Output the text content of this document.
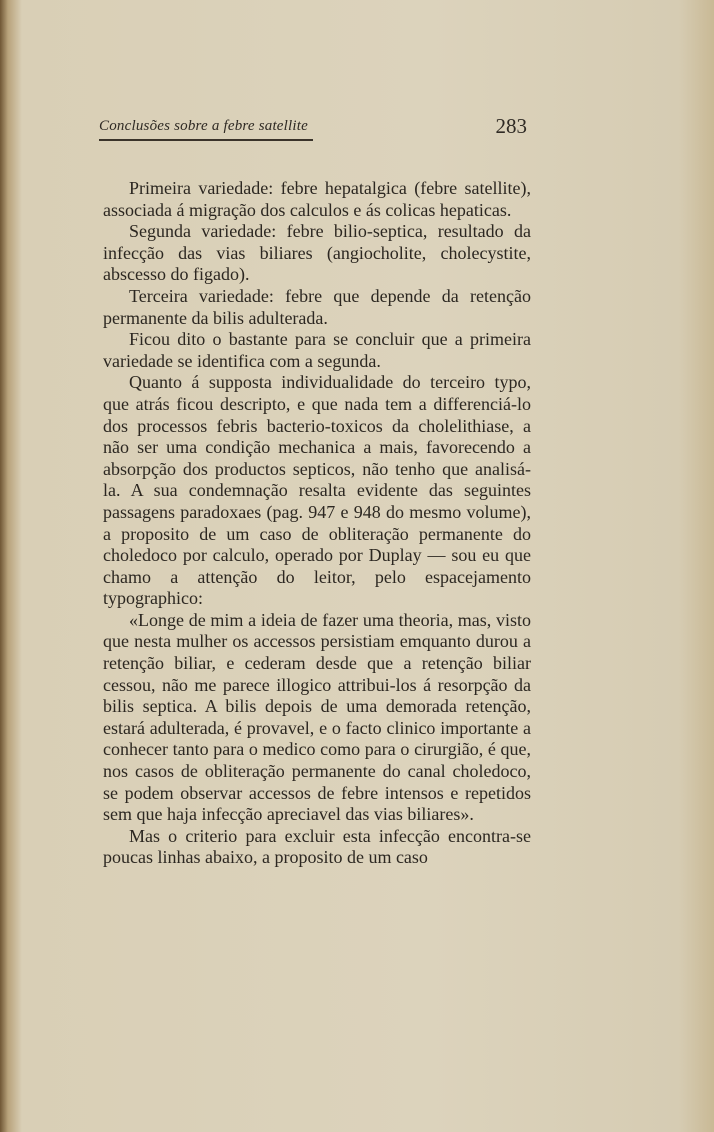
Conclusões sobre a febre satellite	283

Primeira variedade: febre hepatalgica (febre satellite), associada á migração dos calculos e ás colicas hepaticas.

Segunda variedade: febre bilio-septica, resultado da infecção das vias biliares (angiocholite, cholecystite, abscesso do figado).

Terceira variedade: febre que depende da retenção permanente da bilis adulterada.

Ficou dito o bastante para se concluir que a primeira variedade se identifica com a segunda.

Quanto á supposta individualidade do terceiro typo, que atrás ficou descripto, e que nada tem a differenciá-lo dos processos febris bacterio-toxicos da cholelithiase, a não ser uma condição mechanica a mais, favorecendo a absorpção dos productos septicos, não tenho que analisá-la. A sua condemnação resalta evidente das seguintes passagens paradoxaes (pag. 947 e 948 do mesmo volume), a proposito de um caso de obliteração permanente do choledoco por calculo, operado por Duplay — sou eu que chamo a attenção do leitor, pelo espacejamento typographico:

«Longe de mim a ideia de fazer uma theoria, mas, visto que nesta mulher os accessos persistiam emquanto durou a retenção biliar, e cederam desde que a retenção biliar cessou, não me parece illogico attribui-los á resorpção da bilis septica. A bilis depois de uma demorada retenção, estará adulterada, é provavel, e o facto clinico importante a conhecer tanto para o medico como para o cirurgião, é que, nos casos de obliteração permanente do canal choledoco, se podem observar accessos de febre intensos e repetidos sem que haja infecção apreciavel das vias biliares».

Mas o criterio para excluir esta infecção encontra-se poucas linhas abaixo, a proposito de um caso
